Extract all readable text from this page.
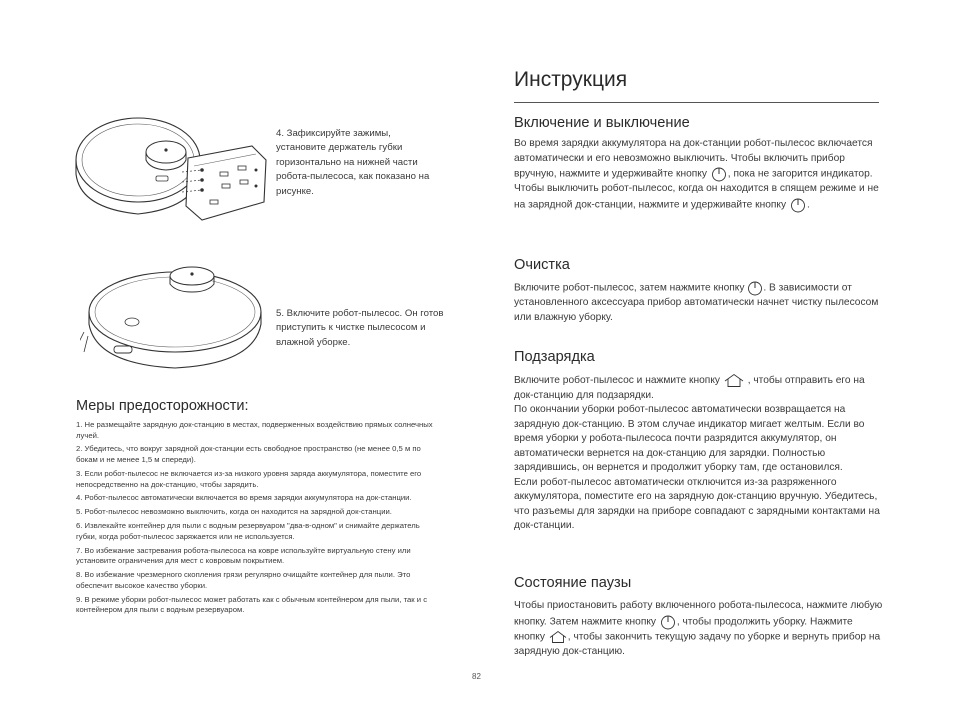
4. Зафиксируйте зажимы, установите держатель губки горизонтально на нижней части робота-пылесоса, как показано на рисунке.
5. Включите робот-пылесос. Он готов приступить к чистке пылесосом и влажной уборке.
Меры предосторожности:
1. Не размещайте зарядную док-станцию в местах, подверженных воздействию прямых солнечных лучей.
2. Убедитесь, что вокруг зарядной док-станции есть свободное пространство (не менее 0,5 м по бокам и не менее 1,5 м спереди).
3. Если робот-пылесос не включается из-за низкого уровня заряда аккумулятора, поместите его непосредственно на док-станцию, чтобы зарядить.
4. Робот-пылесос автоматически включается во время зарядки аккумулятора на док-станции.
5. Робот-пылесос невозможно выключить, когда он находится на зарядной док-станции.
6. Извлекайте контейнер для пыли с водным резервуаром "два-в-одном" и снимайте держатель губки, когда робот-пылесос заряжается или не используется.
7. Во избежание застревания робота-пылесоса на ковре используйте виртуальную стену или установите ограничения для мест с ковровым покрытием.
8. Во избежание чрезмерного скопления грязи регулярно очищайте контейнер для пыли. Это обеспечит высокое качество уборки.
9. В режиме уборки робот-пылесос может работать как с обычным контейнером для пыли, так и с контейнером для пыли с водным резервуаром.
Инструкция
Включение и выключение
Во время зарядки аккумулятора на док-станции робот-пылесос включается автоматически и его невозможно выключить. Чтобы включить прибор вручную, нажмите и удерживайте кнопку , пока не загорится индикатор. Чтобы выключить робот-пылесос, когда он находится в спящем режиме и не на зарядной док-станции, нажмите и удерживайте кнопку .
Очистка
Включите робот-пылесос, затем нажмите кнопку . В зависимости от установленного аксессуара прибор автоматически начнет чистку пылесосом или влажную уборку.
Подзарядка
Включите робот-пылесос и нажмите кнопку	, чтобы отправить его на док-станцию для подзарядки.
По окончании уборки робот-пылесос автоматически возвращается на зарядную док-станцию. В этом случае индикатор мигает желтым. Если во время уборки у робота-пылесоса почти разрядится аккумулятор, он автоматически вернется на док-станцию для зарядки. Полностью зарядившись, он вернется и продолжит уборку там, где остановился.
Если робот-пылесос автоматически отключится из-за разряженного аккумулятора, поместите его на зарядную док-станцию вручную. Убедитесь, что разъемы для зарядки на приборе совпадают с зарядными контактами на док-станции.
Состояние паузы
Чтобы приостановить работу включенного робота-пылесоса, нажмите любую кнопку. Затем нажмите кнопку , чтобы продолжить уборку. Нажмите кнопку , чтобы закончить текущую задачу по уборке и вернуть прибор на зарядную док-станцию.
82
